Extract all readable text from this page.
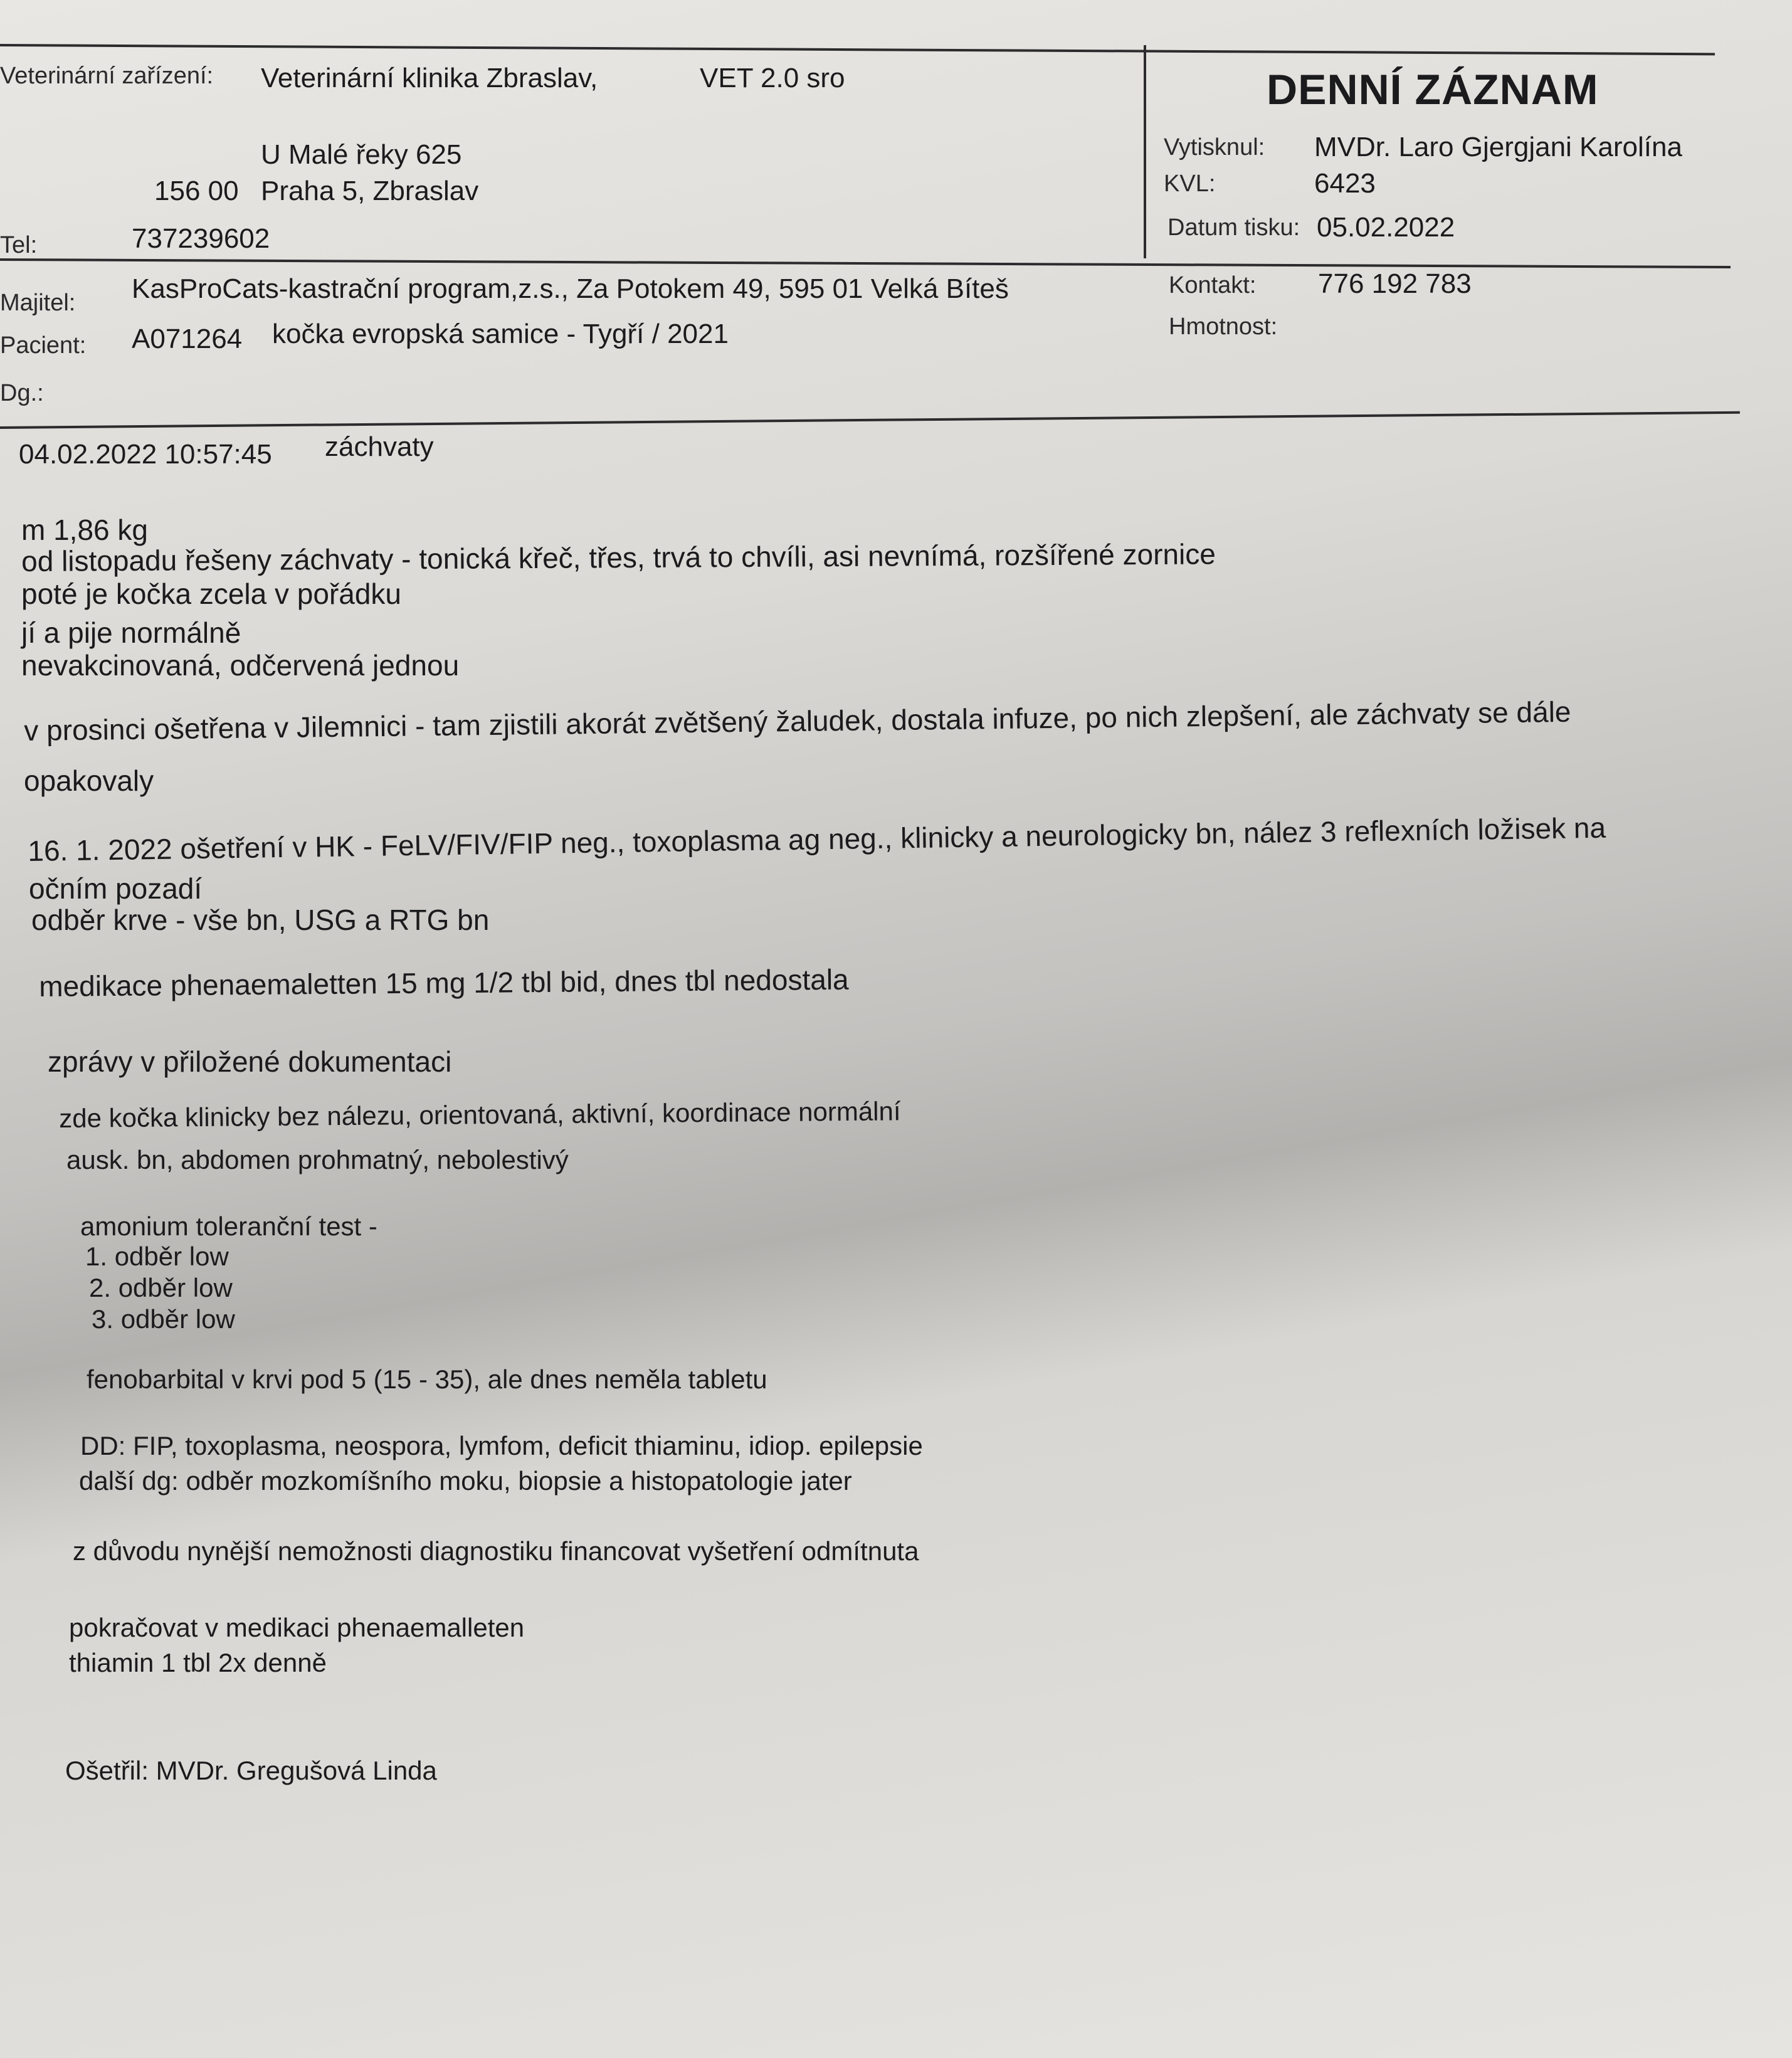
Veterinární zařízení: Veterinární klinika Zbraslav,	VET 2.0 sro
U Malé řeky 625
156 00 Praha 5, Zbraslav
Tel:	737239602
DENNÍ ZÁZNAM
Vytisknul: MVDr. Laro Gjergjani Karolína
KVL:	6423
Datum tisku: 05.02.2022
Majitel: KasProCats-kastrační program,z.s., Za Potokem 49, 595 01 Velká Bíteš	Kontakt: 776 192 783
Pacient: A071264 kočka evropská samice - Tygří / 2021	Hmotnost:
Dg.:
04.02.2022 10:57:45 záchvaty
m 1,86 kg
od listopadu řešeny záchvaty - tonická křeč, třes, trvá to chvíli, asi nevnímá, rozšířené zornice
poté je kočka zcela v pořádku
jí a pije normálně
nevakcinovaná, odčervená jednou
v prosinci ošetřena v Jilemnici - tam zjistili akorát zvětšený žaludek, dostala infuze, po nich zlepšení, ale záchvaty se dále
opakovaly
16. 1. 2022 ošetření v HK - FeLV/FIV/FIP neg., toxoplasma ag neg., klinicky a neurologicky bn, nález 3 reflexních ložisek na
očním pozadí
odběr krve - vše bn, USG a RTG bn
medikace phenaemaletten 15 mg 1/2 tbl bid, dnes tbl nedostala
zprávy v přiložené dokumentaci
zde kočka klinicky bez nálezu, orientovaná, aktivní, koordinace normální
ausk. bn, abdomen prohmatný, nebolestivý
amonium toleranční test -
1. odběr low
2. odběr low
3. odběr low
fenobarbital v krvi pod 5 (15 - 35), ale dnes neměla tabletu
DD: FIP, toxoplasma, neospora, lymfom, deficit thiaminu, idiop. epilepsie
další dg: odběr mozkomíšního moku, biopsie a histopatologie jater
z důvodu nynější nemožnosti diagnostiku financovat vyšetření odmítnuta
pokračovat v medikaci phenaemalleten
thiamin 1 tbl 2x denně
Ošetřil: MVDr. Gregušová Linda
